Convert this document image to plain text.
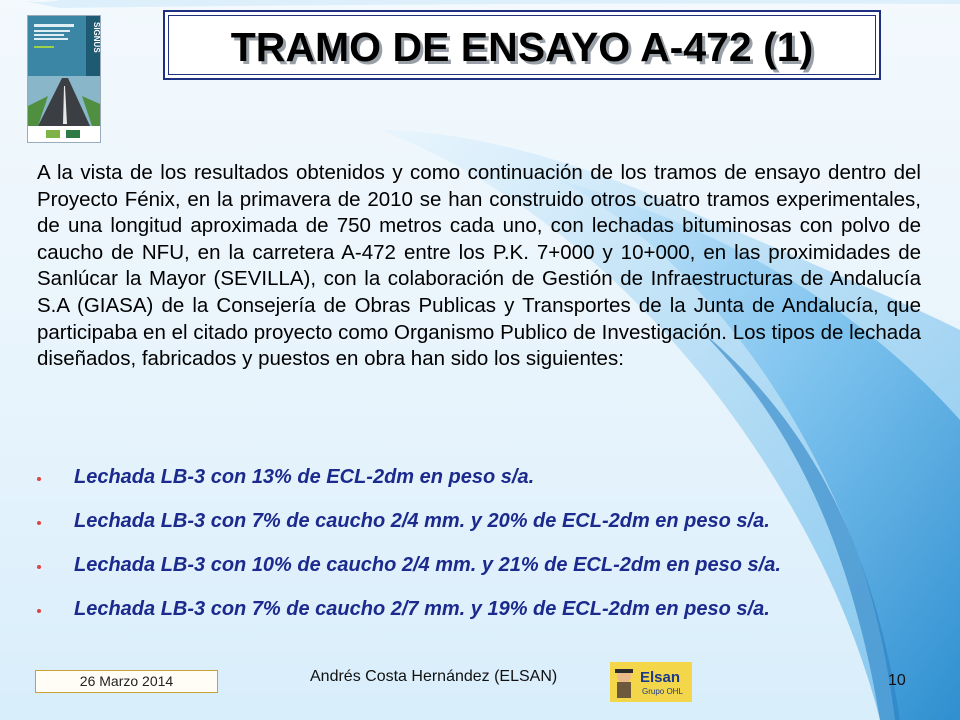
SIGNUS	TRAMO DE ENSAYO A-472 (1)

A la vista de los resultados obtenidos y como continuación de los tramos de ensayo dentro del Proyecto Fénix, en la primavera de 2010 se han construido otros cuatro tramos experimentales, de una longitud aproximada de 750 metros cada uno, con lechadas bituminosas con polvo de caucho de NFU, en la carretera A-472 entre los P.K. 7+000 y 10+000, en las proximidades de Sanlúcar la Mayor (SEVILLA), con la colaboración de Gestión de Infraestructuras de Andalucía S.A (GIASA) de la Consejería de Obras Publicas y Transportes de la Junta de Andalucía, que participaba en el citado proyecto como Organismo Publico de Investigación. Los tipos de lechada diseñados, fabricados y puestos en obra han sido los siguientes:

Lechada LB-3 con 13% de ECL-2dm en peso s/a.
Lechada LB-3 con 7% de caucho 2/4 mm. y 20% de ECL-2dm en peso s/a.
Lechada LB-3 con 10% de caucho 2/4 mm. y 21% de ECL-2dm en peso s/a.
Lechada LB-3 con 7% de caucho 2/7 mm. y 19% de ECL-2dm en peso s/a.
26 Marzo 2014	Andrés Costa Hernández (ELSAN)	Elsan
Grupo OHL
10
